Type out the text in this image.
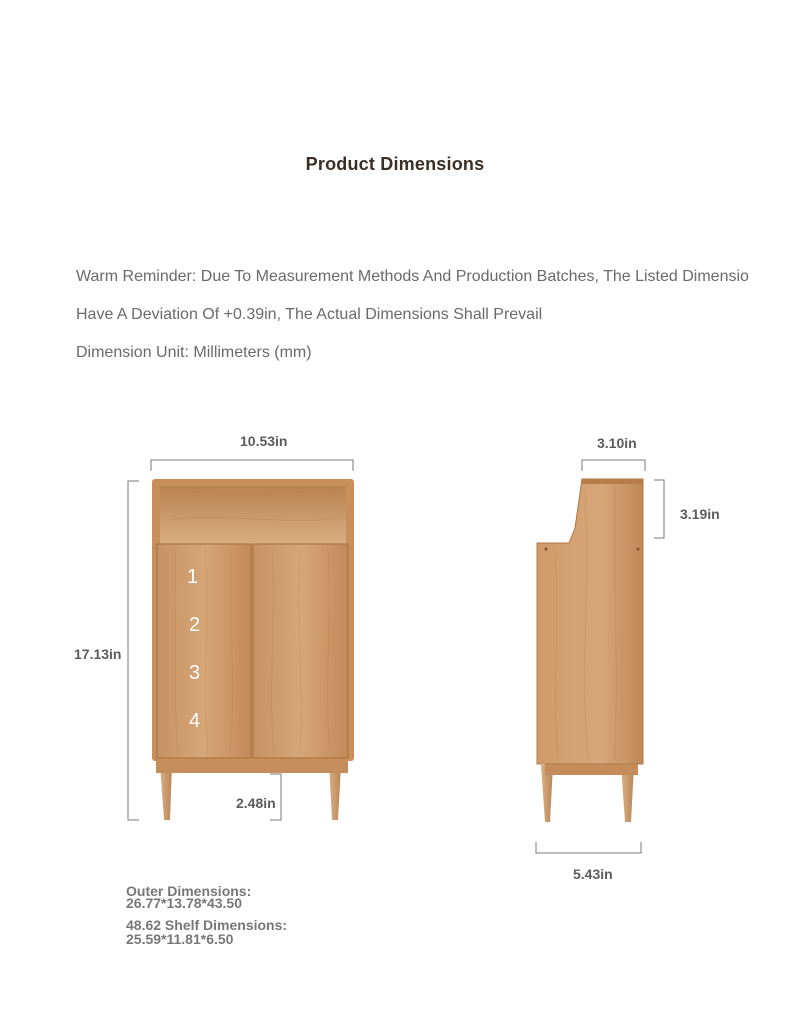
Product Dimensions
Warm Reminder: Due To Measurement Methods And Production Batches, The Listed Dimensio
Have A Deviation Of +0.39in, The Actual Dimensions Shall Prevail
Dimension Unit: Millimeters (mm)
1
2
3
4
10.53in
17.13in
2.48in
3.10in
3.19in
5.43in
Outer Dimensions:
26.77*13.78*43.50
48.62 Shelf Dimensions:
25.59*11.81*6.50
